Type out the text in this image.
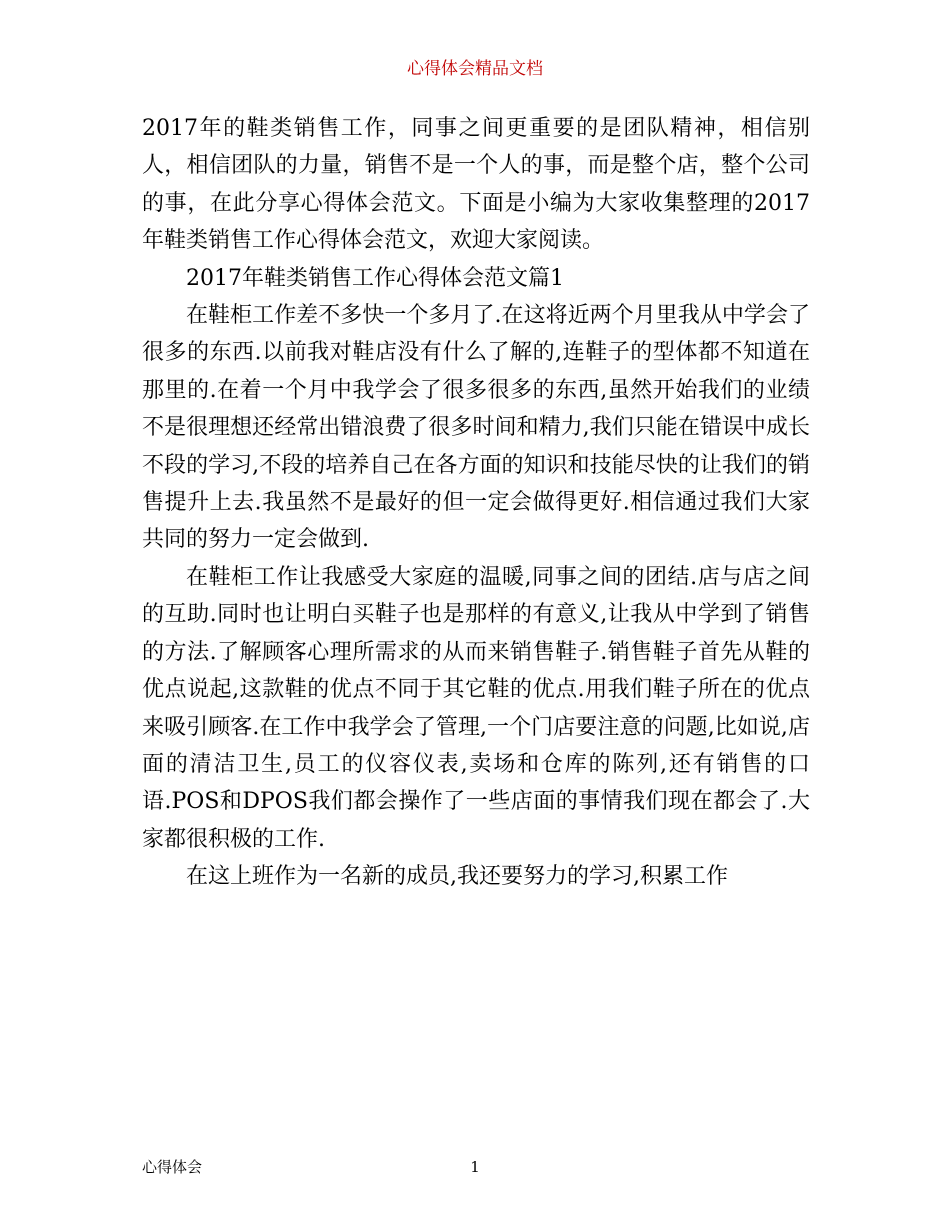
心得体会精品文档

2017年的鞋类销售工作，同事之间更重要的是团队精神，相信别人，相信团队的力量，销售不是一个人的事，而是整个店，整个公司的事，在此分享心得体会范文。下面是小编为大家收集整理的2017年鞋类销售工作心得体会范文，欢迎大家阅读。

2017年鞋类销售工作心得体会范文篇1

在鞋柜工作差不多快一个多月了.在这将近两个月里我从中学会了很多的东西.以前我对鞋店没有什么了解的,连鞋子的型体都不知道在那里的.在着一个月中我学会了很多很多的东西,虽然开始我们的业绩不是很理想还经常出错浪费了很多时间和精力,我们只能在错误中成长不段的学习,不段的培养自己在各方面的知识和技能尽快的让我们的销售提升上去.我虽然不是最好的但一定会做得更好.相信通过我们大家共同的努力一定会做到.

在鞋柜工作让我感受大家庭的温暖,同事之间的团结.店与店之间的互助.同时也让明白买鞋子也是那样的有意义,让我从中学到了销售的方法.了解顾客心理所需求的从而来销售鞋子.销售鞋子首先从鞋的优点说起,这款鞋的优点不同于其它鞋的优点.用我们鞋子所在的优点来吸引顾客.在工作中我学会了管理,一个门店要注意的问题,比如说,店面的清洁卫生,员工的仪容仪表,卖场和仓库的陈列,还有销售的口语.POS和DPOS我们都会操作了一些店面的事情我们现在都会了.大家都很积极的工作.

在这上班作为一名新的成员,我还要努力的学习,积累工作

心得体会	1
